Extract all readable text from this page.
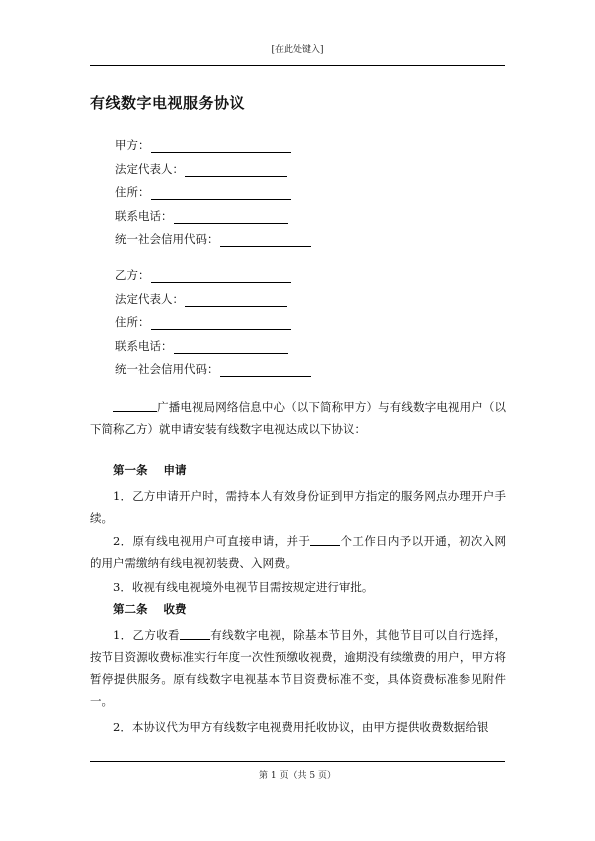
[在此处键入]
有线数字电视服务协议
甲方：
法定代表人：
住所：
联系电话：
统一社会信用代码：
乙方：
法定代表人：
住所：
联系电话：
统一社会信用代码：
广播电视局网络信息中心（以下简称甲方）与有线数字电视用户（以下简称乙方）就申请安装有线数字电视达成以下协议：
第一条 申请
1．乙方申请开户时，需持本人有效身份证到甲方指定的服务网点办理开户手续。
2．原有线电视用户可直接申请，并于	个工作日内予以开通，初次入网的用户需缴纳有线电视初装费、入网费。
3．收视有线电视境外电视节目需按规定进行审批。
第二条 收费
1．乙方收看	有线数字电视，除基本节目外，其他节目可以自行选择，按节目资源收费标准实行年度一次性预缴收视费，逾期没有续缴费的用户，甲方将暂停提供服务。原有线数字电视基本节目资费标准不变，具体资费标准参见附件一。
2．本协议代为甲方有线数字电视费用托收协议，由甲方提供收费数据给银
第 1 页（共 5 页）
